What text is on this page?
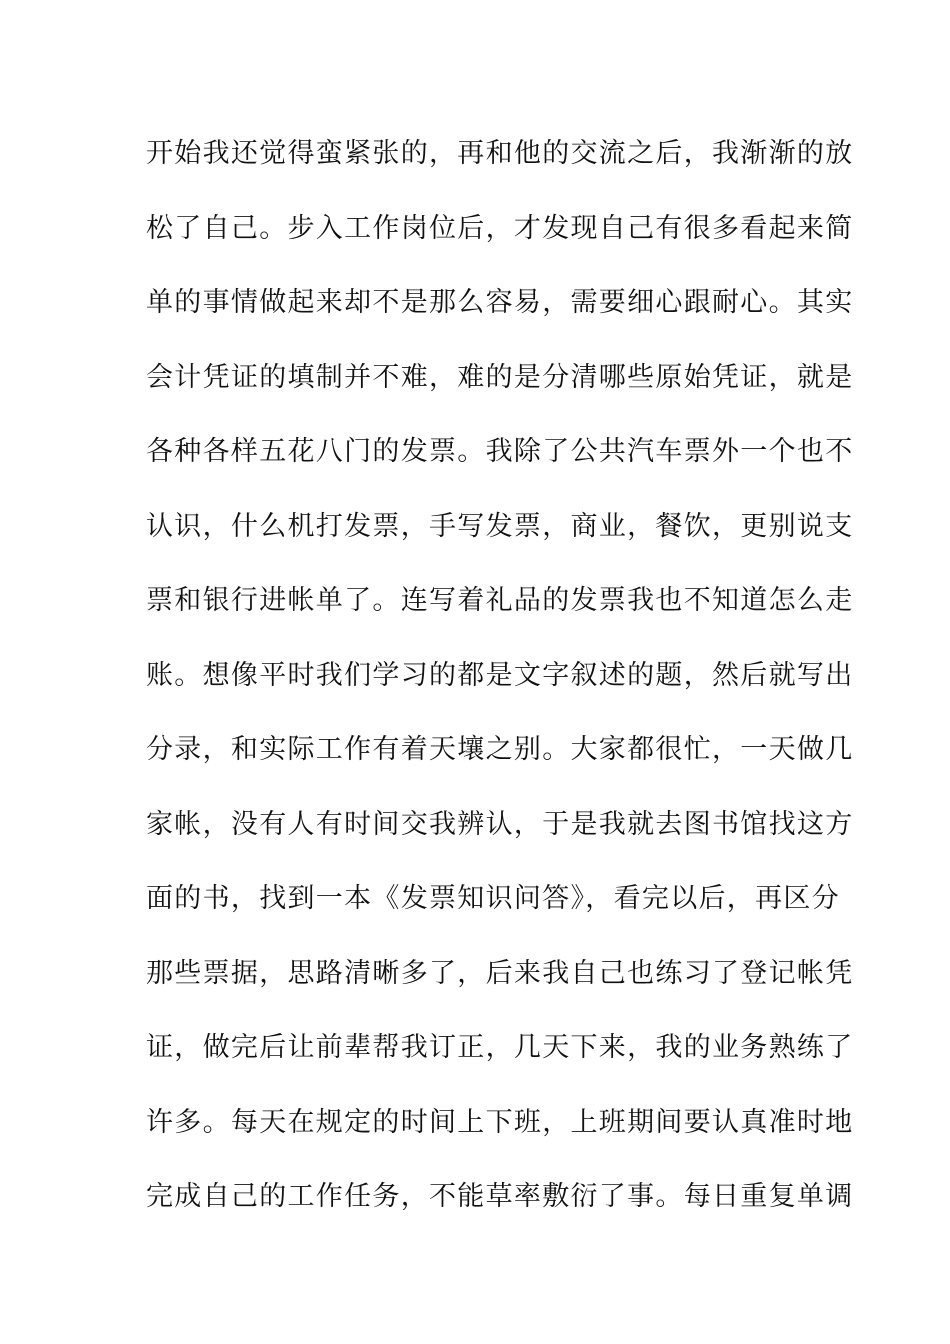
开始我还觉得蛮紧张的，再和他的交流之后，我渐渐的放
松了自己。步入工作岗位后，才发现自己有很多看起来简
单的事情做起来却不是那么容易，需要细心跟耐心。其实
会计凭证的填制并不难，难的是分清哪些原始凭证，就是
各种各样五花八门的发票。我除了公共汽车票外一个也不
认识，什么机打发票，手写发票，商业，餐饮，更别说支
票和银行进帐单了。连写着礼品的发票我也不知道怎么走
账。想像平时我们学习的都是文字叙述的题，然后就写出
分录，和实际工作有着天壤之别。大家都很忙，一天做几
家帐，没有人有时间交我辨认，于是我就去图书馆找这方
面的书，找到一本《发票知识问答》，看完以后，再区分
那些票据，思路清晰多了，后来我自己也练习了登记帐凭
证，做完后让前辈帮我订正，几天下来，我的业务熟练了
许多。每天在规定的时间上下班，上班期间要认真准时地
完成自己的工作任务，不能草率敷衍了事。每日重复单调
